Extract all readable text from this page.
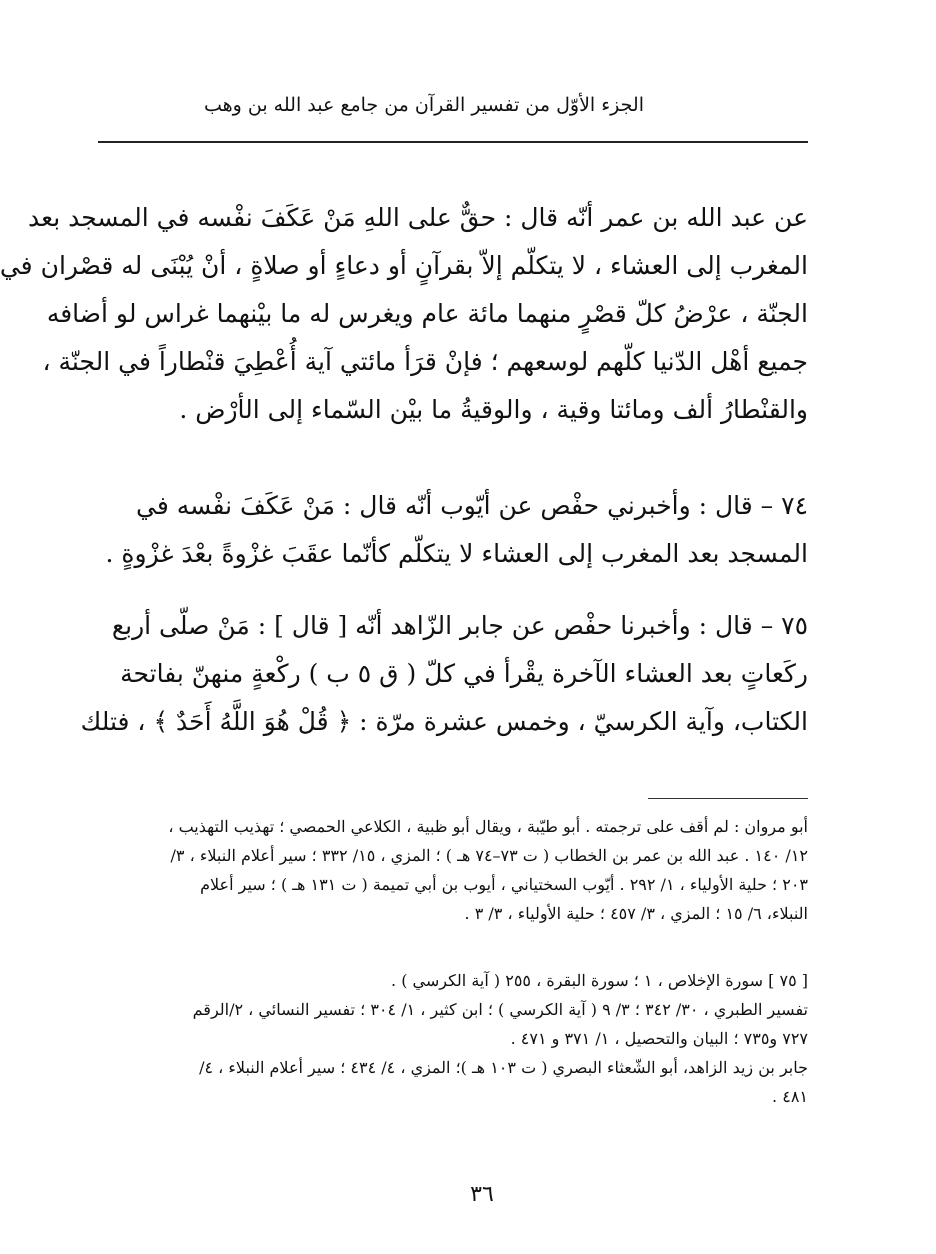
الجزء الأوّل من تفسير القرآن من جامع عبد الله بن وهب
عن عبد الله بن عمر أنّه قال : حقٌّ على اللهِ مَنْ عَكَفَ نفْسه في المسجد بعد
المغرب إلى العشاء ، لا يتكلّم إلاّ بقرآنٍ أو دعاءٍ أو صلاةٍ ، أنْ يُبْنَى له قصْران في
الجنّة ، عرْضُ كلّ قصْرٍ منهما مائة عام ويغرس له ما بيْنهما غراس لو أضافه
جميع أهْل الدّنيا كلّهم لوسعهم ؛ فإنْ قرَأ مائتي آية أُعْطِيَ قنْطاراً في الجنّة ،
والقنْطارُ ألف ومائتا وقية ، والوقيةُ ما بيْن السّماء إلى الأرْض .
٧٤ – قال : وأخبرني حفْص عن أيّوب أنّه قال : مَنْ عَكَفَ نفْسه في
المسجد بعد المغرب إلى العشاء لا يتكلّم كأنّما عقَبَ غزْوةً بعْدَ غزْوةٍ .
٧٥ – قال : وأخبرنا حفْص عن جابر الزّاهد أنّه [ قال ] : مَنْ صلّى أربع
ركَعاتٍ بعد العشاء الآخرة يقْرأ في كلّ ( ق ٥ ب ) ركْعةٍ منهنّ بفاتحة
الكتاب، وآية الكرسيّ ، وخمس عشرة مرّة : ﴿ قُلْ هُوَ اللَّهُ أَحَدٌ ﴾ ، فتلك
أبو مروان : لم أقف على ترجمته . أبو طيّبة ، ويقال أبو ظبية ، الكلاعي الحمصي ؛ تهذيب التهذيب ،
١٢/ ١٤٠ . عبد الله بن عمر بن الخطاب ( ت ٧٣–٧٤ هـ ) ؛ المزي ، ١٥/ ٣٣٢ ؛ سير أعلام النبلاء ، ٣/
٢٠٣ ؛ حلية الأولياء ، ١/ ٢٩٢ . أيّوب السختياني ، أيوب بن أبي تميمة ( ت ١٣١ هـ ) ؛ سير أعلام
النبلاء، ٦/ ١٥ ؛ المزي ، ٣/ ٤٥٧ ؛ حلية الأولياء ، ٣/ ٣ .
[ ٧٥ ] سورة الإخلاص ، ١ ؛ سورة البقرة ، ٢٥٥ ( آية الكرسي ) .
تفسير الطبري ، ٣٠/ ٣٤٢ ؛ ٣/ ٩ ( آية الكرسي ) ؛ ابن كثير ، ١/ ٣٠٤ ؛ تفسير النسائي ، ٢/الرقم
٧٢٧ و٧٣٥ ؛ البيان والتحصيل ، ١/ ٣٧١ و ٤٧١ .
جابر بن زيد الزاهد، أبو الشّعثاء البصري ( ت ١٠٣ هـ )؛ المزي ، ٤/ ٤٣٤ ؛ سير أعلام النبلاء ، ٤/
٤٨١ .
٣٦
